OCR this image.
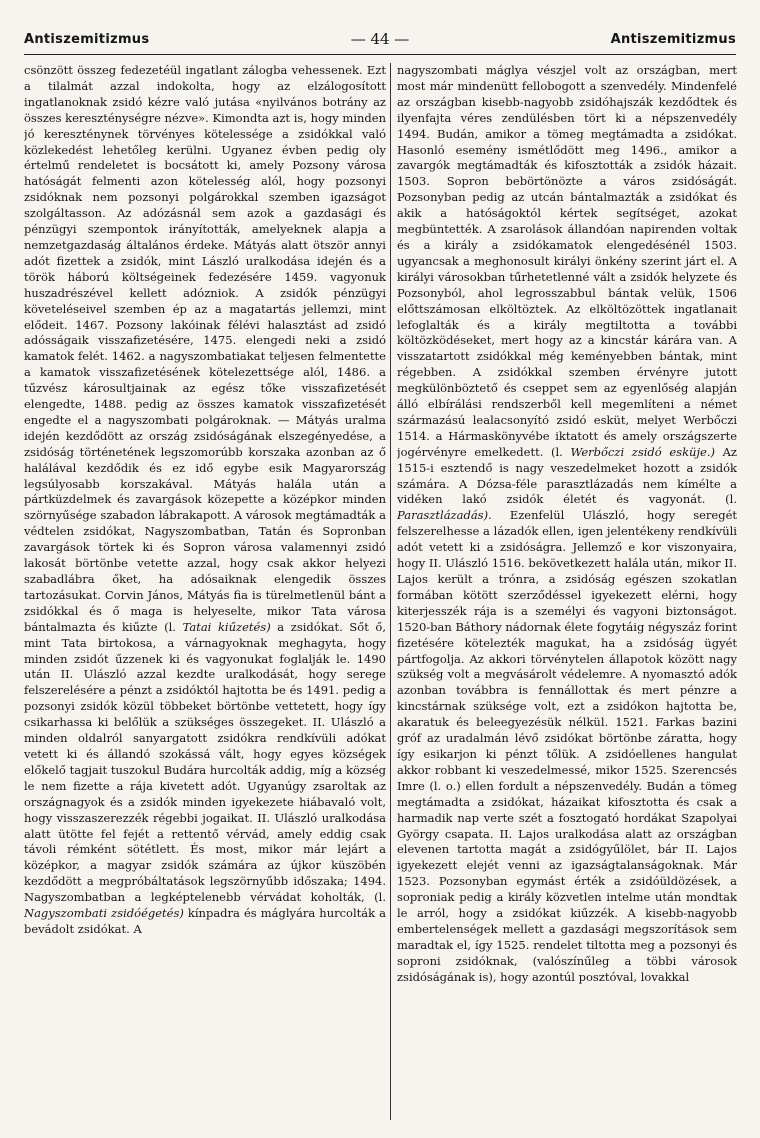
Antiszemitizmus	— 44 —	Antiszemitizmus

csönzött összeg fedezetéül ingatlant zálogba vehessenek. Ezt a tilalmát azzal indokolta, hogy az elzálogosított ingatlanoknak zsidó kézre való jutása «nyilvános botrány az összes kereszténységre nézve». Kimondta azt is, hogy minden jó kereszténynek törvényes kötelessége a zsidókkal való közlekedést lehetőleg kerülni. Ugyanez évben pedig oly értelmű rendeletet is bocsátott ki, amely Pozsony városa hatóságát felmenti azon kötelesség alól, hogy pozsonyi zsidóknak nem pozsonyi polgárokkal szemben igazságot szolgáltasson. Az adózásnál sem azok a gazdasági és pénzügyi szempontok irányították, amelyeknek alapja a nemzetgazdaság általános érdeke. Mátyás alatt ötször annyi adót fizettek a zsidók, mint László uralkodása idején és a török háború költségeinek fedezésére 1459. vagyonuk huszadrészével kellett adózniok. A zsidók pénzügyi követeléseivel szemben ép az a magatartás jellemzi, mint elődeit. 1467. Pozsony lakóinak félévi halasztást ad zsidó adósságaik visszafizetésére, 1475. elengedi neki a zsidó kamatok felét. 1462. a nagyszombatiakat teljesen felmentette a kamatok visszafizetésének kötelezettsége alól, 1486. a tűzvész károsultjainak az egész tőke visszafizetését elengedte, 1488. pedig az összes kamatok visszafizetését engedte el a nagyszombati polgároknak. — Mátyás uralma idején kezdődött az ország zsidóságának elszegényedése, a zsidóság történetének legszomorúbb korszaka azonban az ő halálával kezdődik és ez idő egybe esik Magyarország legsúlyosabb korszakával. Mátyás halála után a pártküzdelmek és zavargások közepette a középkor minden szörnyűsége szabadon lábrakapott. A városok megtámadták a védtelen zsidókat, Nagyszombatban, Tatán és Sopronban zavargások törtek ki és Sopron városa valamennyi zsidó lakosát börtönbe vetette azzal, hogy csak akkor helyezi szabadlábra őket, ha adósaiknak elengedik összes tartozásukat. Corvin János, Mátyás fia is türelmetlenül bánt a zsidókkal és ő maga is helyeselte, mikor Tata városa bántalmazta és kiűzte (l. Tatai kiűzetés) a zsidókat. Sőt ő, mint Tata birtokosa, a várnagyoknak meghagyta, hogy minden zsidót űzzenek ki és vagyonukat foglalják le. 1490 után II. Ulászló azzal kezdte uralkodását, hogy serege felszerelésére a pénzt a zsidóktól hajtotta be és 1491. pedig a pozsonyi zsidók közül többeket börtönbe vettetett, hogy így csikarhassa ki belőlük a szükséges összegeket. II. Ulászló a minden oldalról sanyargatott zsidókra rendkívüli adókat vetett ki és állandó szokássá vált, hogy egyes községek előkelő tagjait tuszokul Budára hurcolták addig, míg a község le nem fizette a rája kivetett adót. Ugyanúgy zsaroltak az országnagyok és a zsidók minden igyekezete hiábavaló volt, hogy visszaszerezzék régebbi jogaikat. II. Ulászló uralkodása alatt ütötte fel fejét a rettentő vérvád, amely eddig csak távoli rémként sötétlett. És most, mikor már lejárt a középkor, a magyar zsidók számára az újkor küszöbén kezdődött a megpróbáltatások legszörnyűbb időszaka; 1494. Nagyszombatban a legképtelenebb vérvádat koholták, (l. Nagyszombati zsidóégetés) kínpadra és máglyára hurcolták a bevádolt zsidókat. A

nagyszombati máglya vészjel volt az országban, mert most már mindenütt fellobogott a szenvedély. Mindenfelé az országban kisebb-nagyobb zsidóhajszák kezdődtek és ilyenfajta véres zendülésben tört ki a népszenvedély 1494. Budán, amikor a tömeg megtámadta a zsidókat. Hasonló esemény ismétlődött meg 1496., amikor a zavargók megtámadták és kifosztották a zsidók házait. 1503. Sopron bebörtönözte a város zsidóságát. Pozsonyban pedig az utcán bántalmazták a zsidókat és akik a hatóságoktól kértek segítséget, azokat megbüntették. A zsarolások állandóan napirenden voltak és a király a zsidókamatok elengedésénél 1503. ugyancsak a meghonosult királyi önkény szerint járt el. A királyi városokban tűrhetetlenné vált a zsidók helyzete és Pozsonyból, ahol legrosszabbul bántak velük, 1506 előttszámosan elköltöztek. Az elköltözöttek ingatlanait lefoglalták és a király megtiltotta a további költözködéseket, mert hogy az a kincstár kárára van. A visszatartott zsidókkal még keményebben bántak, mint régebben. A zsidókkal szemben érvényre jutott megkülönböztető és cseppet sem az egyenlőség alapján álló elbírálási rendszerből kell megemlíteni a német származású lealacsonyító zsidó esküt, melyet Werbőczi 1514. a Hármaskönyvébe iktatott és amely országszerte jogérvényre emelkedett. (l. Werbőczi zsidó esküje.) Az 1515-i esztendő is nagy veszedelmeket hozott a zsidók számára. A Dózsa-féle parasztlázadás nem kímélte a vidéken lakó zsidók életét és vagyonát. (l. Parasztlázadás). Ezenfelül Ulászló, hogy seregét felszerelhesse a lázadók ellen, igen jelentékeny rendkívüli adót vetett ki a zsidóságra. Jellemző e kor viszonyaira, hogy II. Ulászló 1516. bekövetkezett halála után, mikor II. Lajos került a trónra, a zsidóság egészen szokatlan formában kötött szerződéssel igyekezett elérni, hogy kiterjesszék rája is a személyi és vagyoni biztonságot. 1520-ban Báthory nádornak élete fogytáig négyszáz forint fizetésére kötelezték magukat, ha a zsidóság ügyét pártfogolja. Az akkori törvénytelen állapotok között nagy szükség volt a megvásárolt védelemre. A nyomasztó adók azonban továbbra is fennállottak és mert pénzre a kincstárnak szüksége volt, ezt a zsidókon hajtotta be, akaratuk és beleegyezésük nélkül. 1521. Farkas bazini gróf az uradalmán lévő zsidókat börtönbe záratta, hogy így esikarjon ki pénzt tőlük. A zsidóellenes hangulat akkor robbant ki veszedelmessé, mikor 1525. Szerencsés Imre (l. o.) ellen fordult a népszenvedély. Budán a tömeg megtámadta a zsidókat, házaikat kifosztotta és csak a harmadik nap verte szét a fosztogató hordákat Szapolyai György csapata. II. Lajos uralkodása alatt az országban elevenen tartotta magát a zsidógyűlölet, bár II. Lajos igyekezett elejét venni az igazságtalanságoknak. Már 1523. Pozsonyban egymást érték a zsidóüldözések, a soproniak pedig a király közvetlen intelme után mondtak le arról, hogy a zsidókat kiűzzék. A kisebb-nagyobb embertelenségek mellett a gazdasági megszorítások sem maradtak el, így 1525. rendelet tiltotta meg a pozsonyi és soproni zsidóknak, (valószínűleg a többi városok zsidóságának is), hogy azontúl posztóval, lovakkal
